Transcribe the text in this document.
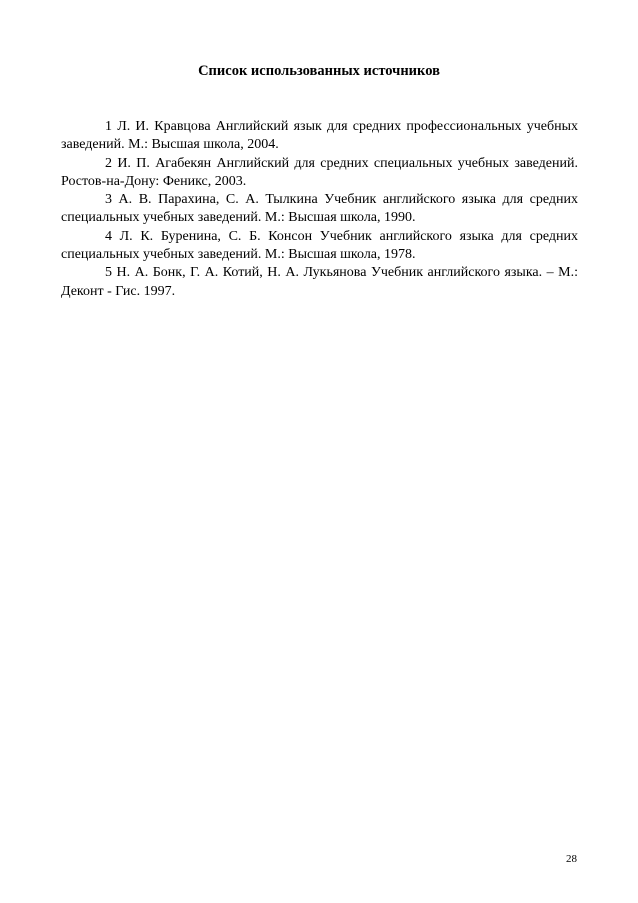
Список использованных источников

1 Л. И. Кравцова Английский язык для средних профессиональных учебных заведений. М.: Высшая школа, 2004.

2 И. П. Агабекян Английский для средних специальных учебных заведений. Ростов-на-Дону: Феникс, 2003.

3 А. В. Парахина, С. А. Тылкина Учебник английского языка для средних специальных учебных заведений. М.: Высшая школа, 1990.

4 Л. К. Буренина, С. Б. Консон Учебник английского языка для средних специальных учебных заведений. М.: Высшая школа, 1978.

5 Н. А. Бонк, Г. А. Котий, Н. А. Лукьянова Учебник английского языка. – М.: Деконт - Гис. 1997.

28
